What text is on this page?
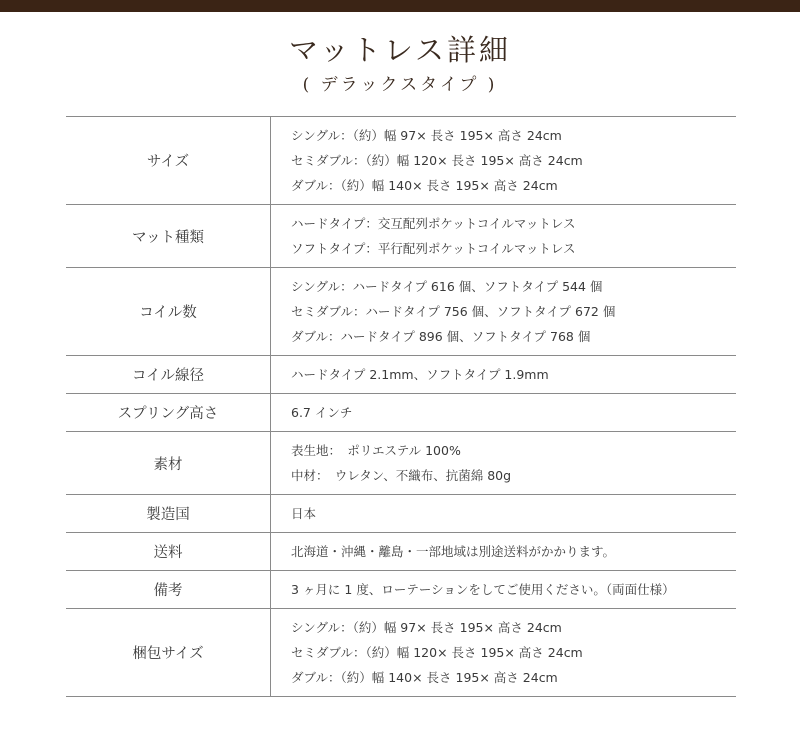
マットレス詳細
( デラックスタイプ )
サイズ	シングル：（約）幅 97× 長さ 195× 高さ 24cm
セミダブル：（約）幅 120× 長さ 195× 高さ 24cm
ダブル：（約）幅 140× 長さ 195× 高さ 24cm

マット種類	ハードタイプ：交互配列ポケットコイルマットレス
ソフトタイプ：平行配列ポケットコイルマットレス

コイル数	シングル：ハードタイプ 616 個、ソフトタイプ 544 個
セミダブル：ハードタイプ 756 個、ソフトタイプ 672 個
ダブル：ハードタイプ 896 個、ソフトタイプ 768 個

コイル線径	ハードタイプ 2.1mm、ソフトタイプ 1.9mm

スプリング高さ	6.7 インチ

素材	表生地：　ポリエステル 100%
中材：　ウレタン、不織布、抗菌綿 80g

製造国	日本

送料	北海道・沖縄・離島・一部地域は別途送料がかかります。

備考	3 ヶ月に 1 度、ローテーションをしてご使用ください。（両面仕様）

梱包サイズ	シングル：（約）幅 97× 長さ 195× 高さ 24cm
セミダブル：（約）幅 120× 長さ 195× 高さ 24cm
ダブル：（約）幅 140× 長さ 195× 高さ 24cm
